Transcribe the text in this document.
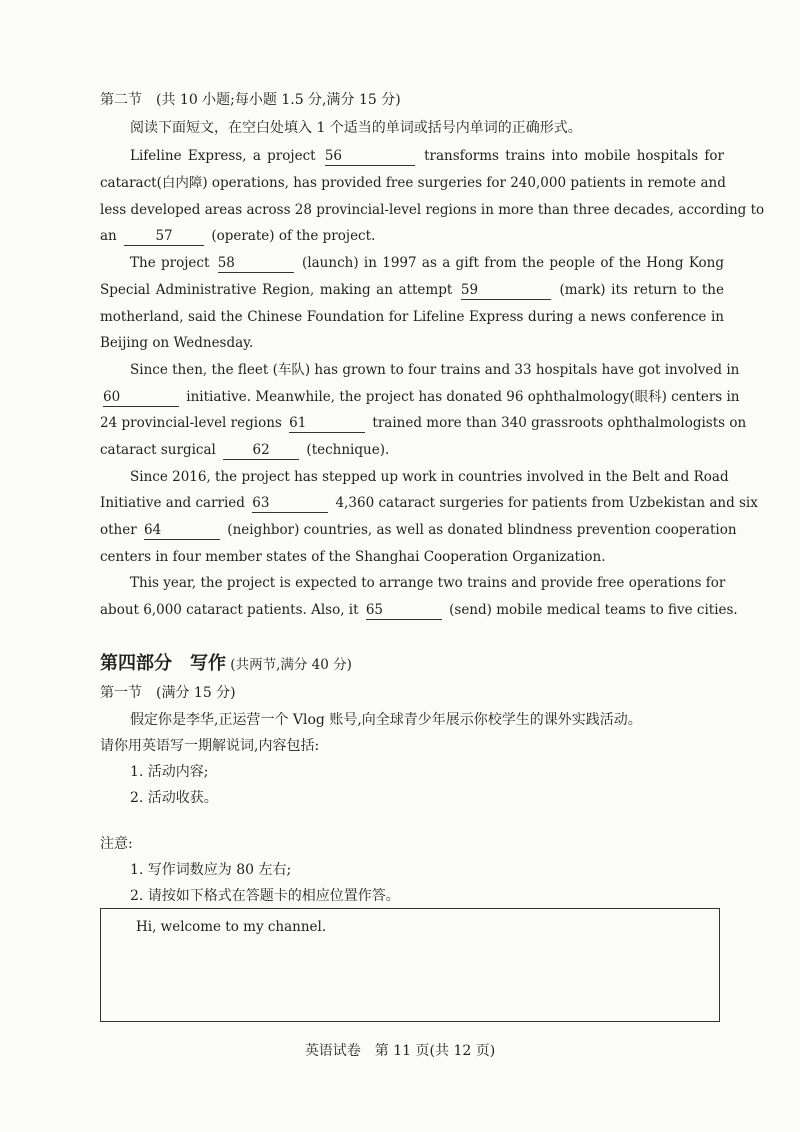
第二节　(共 10 小题;每小题 1.5 分,满分 15 分)
阅读下面短文，在空白处填入 1 个适当的单词或括号内单词的正确形式。
Lifeline Express, a project 56	transforms trains into mobile hospitals for
cataract(白内障) operations, has provided free surgeries for 240,000 patients in remote and
less developed areas across 28 provincial-level regions in more than three decades, according to
an	57	(operate) of the project.
The project 58	(launch) in 1997 as a gift from the people of the Hong Kong
Special Administrative Region, making an attempt 59	(mark) its return to the
motherland, said the Chinese Foundation for Lifeline Express during a news conference in
Beijing on Wednesday.
Since then, the fleet (车队) has grown to four trains and 33 hospitals have got involved in
60	initiative. Meanwhile, the project has donated 96 ophthalmology(眼科) centers in
24 provincial-level regions 61	trained more than 340 grassroots ophthalmologists on
cataract surgical	62	(technique).
Since 2016, the project has stepped up work in countries involved in the Belt and Road
Initiative and carried 63	4,360 cataract surgeries for patients from Uzbekistan and six
other 64	(neighbor) countries, as well as donated blindness prevention cooperation
centers in four member states of the Shanghai Cooperation Organization.
This year, the project is expected to arrange two trains and provide free operations for
about 6,000 cataract patients. Also, it 65	(send) mobile medical teams to five cities.
第四部分　写作 (共两节,满分 40 分)
第一节　(满分 15 分)
假定你是李华,正运营一个 Vlog 账号,向全球青少年展示你校学生的课外实践活动。
请你用英语写一期解说词,内容包括:
1. 活动内容;
2. 活动收获。
注意:
1. 写作词数应为 80 左右;
2. 请按如下格式在答题卡的相应位置作答。
Hi, welcome to my channel.
英语试卷　第 11 页(共 12 页)
